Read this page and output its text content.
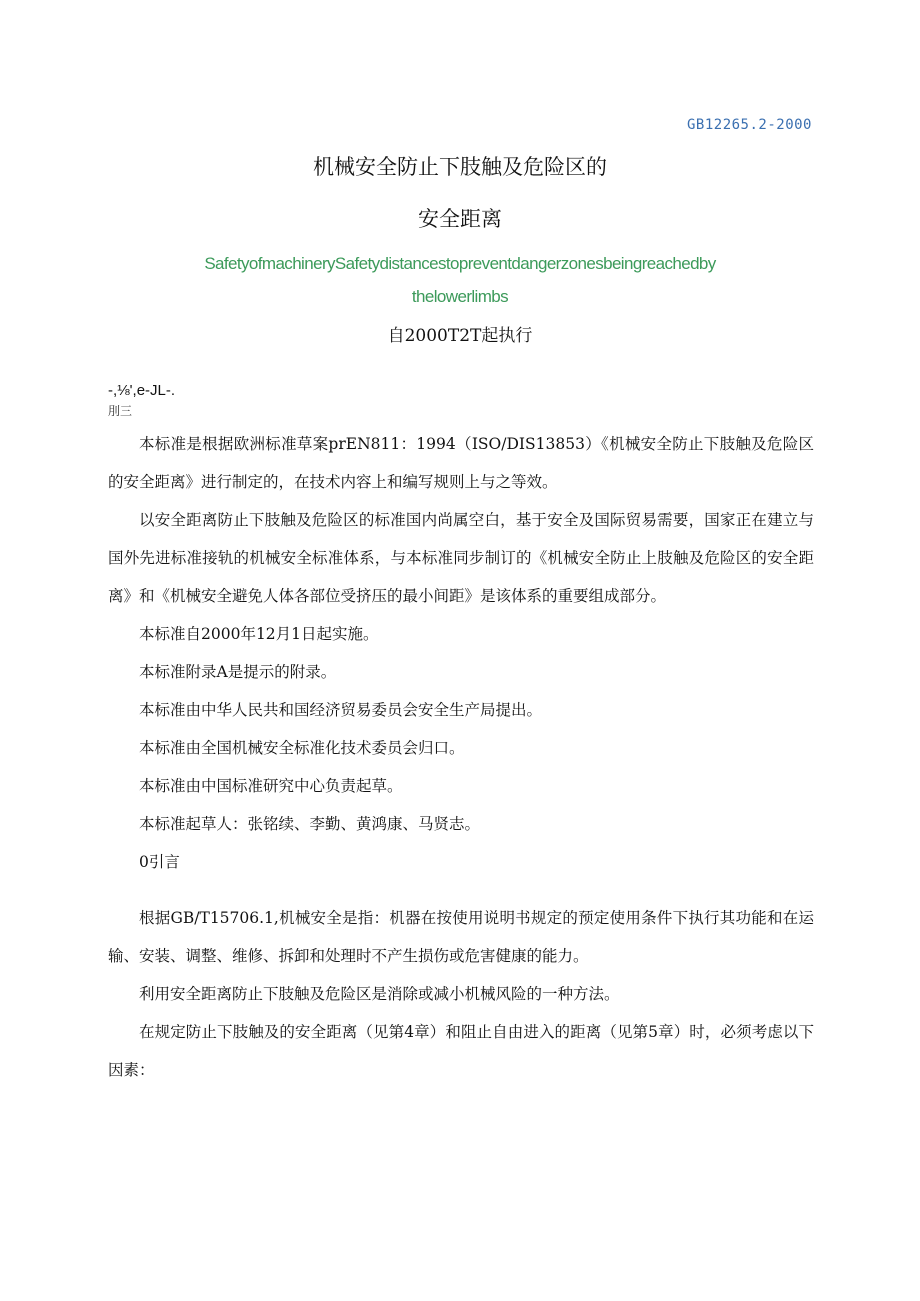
GB12265.2-2000
机械安全防止下肢触及危险区的
安全距离
SafetyofmachinerySafetydistancestopreventdangerzonesbeingreachedby
thelowerlimbs
自2000T2T起执行
-,⅛',e-JL-.
刖三

本标准是根据欧洲标准草案prEN811：1994（ISO/DIS13853）《机械安全防止下肢触及危险区的安全距离》进行制定的，在技术内容上和编写规则上与之等效。

以安全距离防止下肢触及危险区的标准国内尚属空白，基于安全及国际贸易需要，国家正在建立与国外先进标准接轨的机械安全标准体系，与本标准同步制订的《机械安全防止上肢触及危险区的安全距离》和《机械安全避免人体各部位受挤压的最小间距》是该体系的重要组成部分。

本标准自2000年12月1日起实施。

本标准附录A是提示的附录。

本标准由中华人民共和国经济贸易委员会安全生产局提出。

本标准由全国机械安全标准化技术委员会归口。

本标准由中国标准研究中心负责起草。

本标准起草人：张铭续、李勤、黄鸿康、马贤志。

0引言

根据GB/T15706.1,机械安全是指：机器在按使用说明书规定的预定使用条件下执行其功能和在运输、安装、调整、维修、拆卸和处理时不产生损伤或危害健康的能力。

利用安全距离防止下肢触及危险区是消除或减小机械风险的一种方法。

在规定防止下肢触及的安全距离（见第4章）和阻止自由进入的距离（见第5章）时，必须考虑以下因素：
